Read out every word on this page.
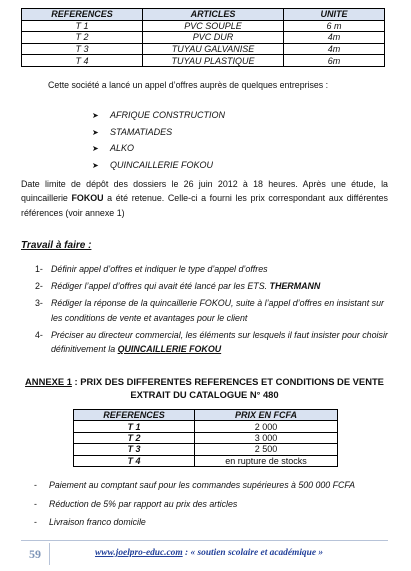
REFERENCES	ARTICLES	UNITE
T 1	PVC SOUPLE	6 m
T 2	PVC DUR	4m
T 3	TUYAU GALVANISE	4m
T 4	TUYAU PLASTIQUE	6m
Cette société a lancé un appel d’offres auprès de quelques entreprises :
➤ AFRIQUE CONSTRUCTION
➤ STAMATIADES
➤ ALKO
➤ QUINCAILLERIE FOKOU
Date limite de dépôt des dossiers le 26 juin 2012 à 18 heures. Après une étude, la quincaillerie FOKOU a été retenue. Celle-ci a fourni les prix correspondant aux différentes références (voir annexe 1)
Travail à faire :
1- Définir appel d’offres et indiquer le type d’appel d’offres
2- Rédiger l’appel d’offres qui avait été lancé par les ETS. THERMANN
3- Rédiger la réponse de la quincaillerie FOKOU, suite à l’appel d’offres en insistant sur les conditions de vente et avantages pour le client
4- Préciser au directeur commercial, les éléments sur lesquels il faut insister pour choisir définitivement la QUINCAILLERIE FOKOU
ANNEXE 1 : PRIX DES DIFFERENTES REFERENCES ET CONDITIONS DE VENTE
EXTRAIT DU CATALOGUE N° 480
REFERENCES	PRIX EN FCFA
T 1	2 000
T 2	3 000
T 3	2 500
T 4	en rupture de stocks
- Paiement au comptant sauf pour les commandes supérieures à 500 000 FCFA
- Réduction de 5% par rapport au prix des articles
- Livraison franco domicile
59	www.joelpro-educ.com : « soutien scolaire et académique »
